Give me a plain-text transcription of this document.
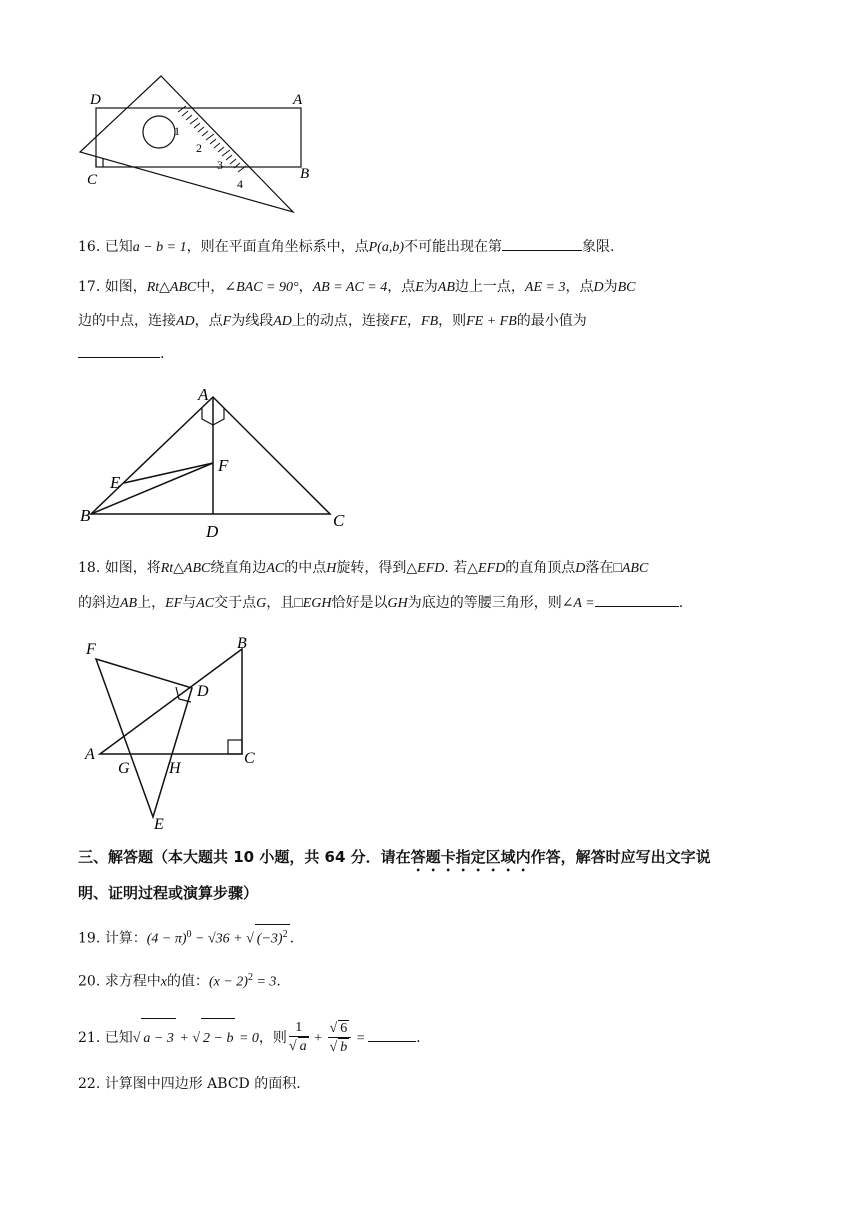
D	A
C	B
1
2
3
4
16. 已知a − b = 1，则在平面直角坐标系中，点P(a,b)不可能出现在第	象限.
17. 如图，Rt△ABC中，∠BAC = 90°，AB = AC = 4，点E为AB边上一点，AE = 3，点D为BC
边的中点，连接AD，点F为线段AD上的动点，连接FE，FB，则FE + FB的最小值为
.
A
B	C
D
E
F
18. 如图，将Rt△ABC绕直角边AC的中点H旋转，得到△EFD. 若△EFD的直角顶点D落在□ABC
的斜边AB上，EF与AC交于点G，且□EGH恰好是以GH为底边的等腰三角形，则∠A =	.
F	B
D
A
G H
C
E
三、解答题（本大题共 10 小题，共 64 分．请在答题卡指定区域内作答，解答时应写出文字说
明、证明过程或演算步骤）
19. 计算：$(4 - \pi)^0 - √36$ + √ $(-3)^2$ .
20. 求方程中x的值：$(x - 2)^2 = 3$.
21. 已知√ a − 3 + √ 2 − b = 0，则 $\frac{1}{√ a} + \frac{√ 6}{√ b}$ =	.
22. 计算图中四边形 ABCD 的面积.
